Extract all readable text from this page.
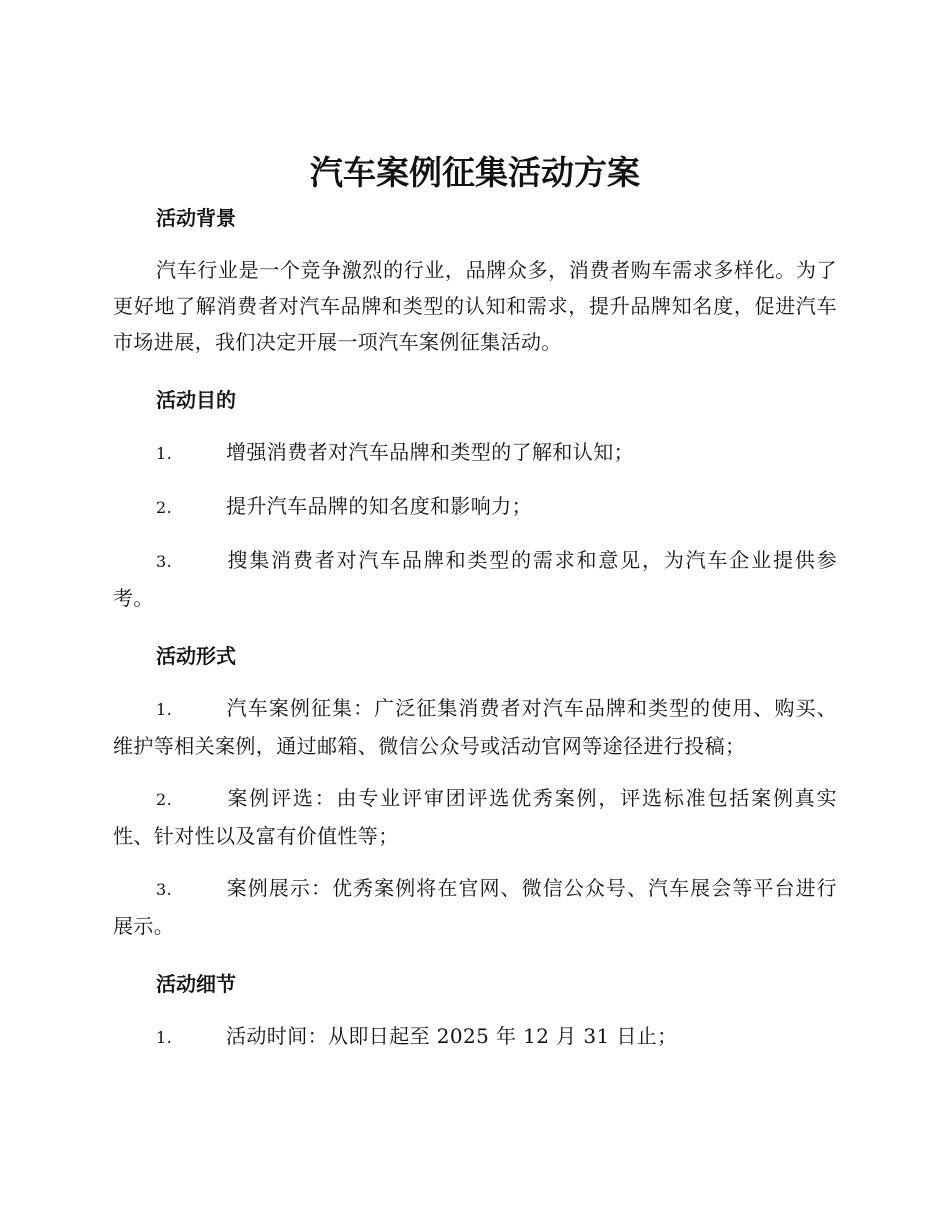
汽车案例征集活动方案
活动背景

汽车行业是一个竞争激烈的行业，品牌众多，消费者购车需求多样化。为了更好地了解消费者对汽车品牌和类型的认知和需求，提升品牌知名度，促进汽车市场进展，我们决定开展一项汽车案例征集活动。

活动目的

1.	增强消费者对汽车品牌和类型的了解和认知；

2.	提升汽车品牌的知名度和影响力；

3.	搜集消费者对汽车品牌和类型的需求和意见，为汽车企业提供参考。

活动形式

1.	汽车案例征集：广泛征集消费者对汽车品牌和类型的使用、购买、维护等相关案例，通过邮箱、微信公众号或活动官网等途径进行投稿；

2.	案例评选：由专业评审团评选优秀案例，评选标准包括案例真实性、针对性以及富有价值性等；

3.	案例展示：优秀案例将在官网、微信公众号、汽车展会等平台进行展示。

活动细节

1.	活动时间：从即日起至 2025 年 12 月 31 日止；
